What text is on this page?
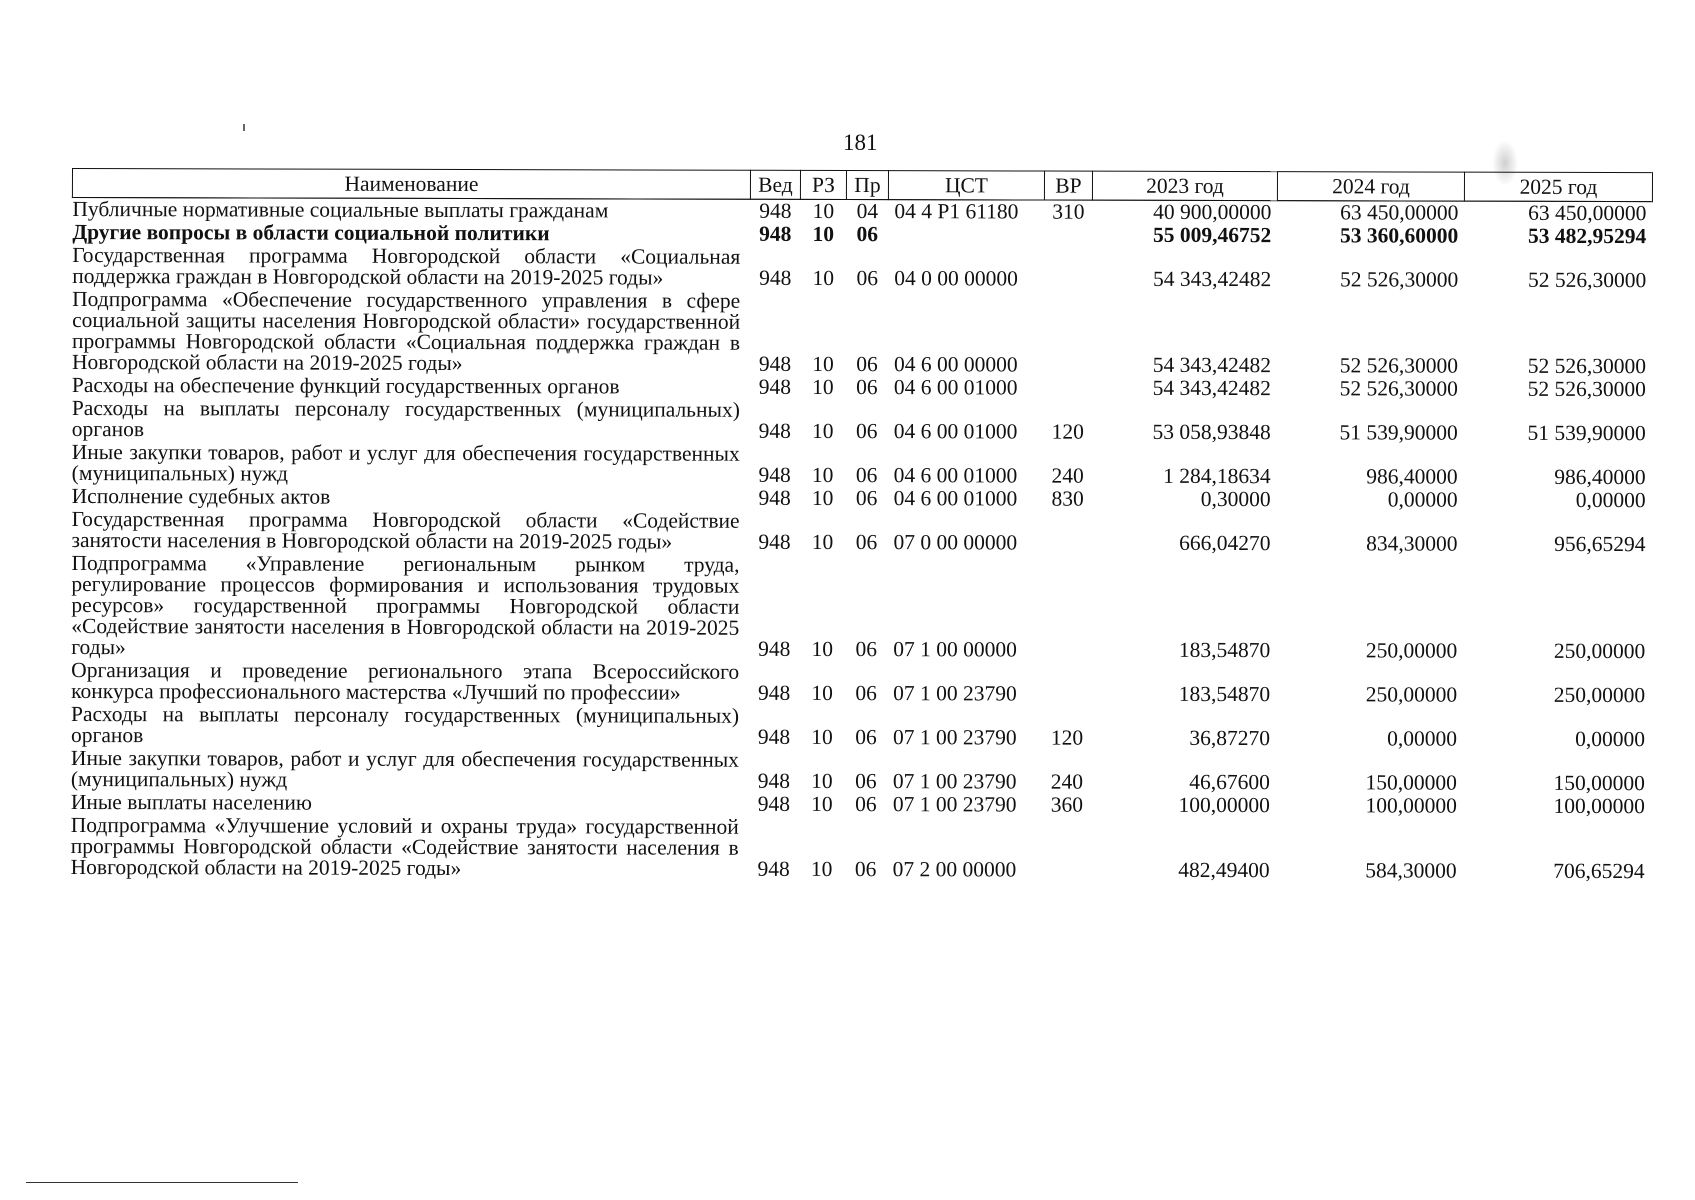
181
Наименование	Вед	РЗ	Пр	ЦСТ	ВР	2023 год	2024 год	2025 год
Публичные нормативные социальные выплаты гражданам	948	10	04	04 4 P1 61180	310	40 900,00000	63 450,00000	63 450,00000
Другие вопросы в области социальной политики	948	10	06			55 009,46752	53 360,60000	53 482,95294
Государственная программа Новгородской области «Социальная поддержка граждан в Новгородской области на 2019-2025 годы»	948	10	06	04 0 00 00000		54 343,42482	52 526,30000	52 526,30000
Подпрограмма «Обеспечение государственного управления в сфере социальной защиты населения Новгородской области» государственной программы Новгородской области «Социальная поддержка граждан в Новгородской области на 2019-2025 годы»	948	10	06	04 6 00 00000		54 343,42482	52 526,30000	52 526,30000
Расходы на обеспечение функций государственных органов	948	10	06	04 6 00 01000		54 343,42482	52 526,30000	52 526,30000
Расходы на выплаты персоналу государственных (муниципальных) органов	948	10	06	04 6 00 01000	120	53 058,93848	51 539,90000	51 539,90000
Иные закупки товаров, работ и услуг для обеспечения государственных (муниципальных) нужд	948	10	06	04 6 00 01000	240	1 284,18634	986,40000	986,40000
Исполнение судебных актов	948	10	06	04 6 00 01000	830	0,30000	0,00000	0,00000
Государственная программа Новгородской области «Содействие занятости населения в Новгородской области на 2019-2025 годы»	948	10	06	07 0 00 00000		666,04270	834,30000	956,65294
Подпрограмма «Управление региональным рынком труда, регулирование процессов формирования и использования трудовых ресурсов» государственной программы Новгородской области «Содействие занятости населения в Новгородской области на 2019-2025 годы»	948	10	06	07 1 00 00000		183,54870	250,00000	250,00000
Организация и проведение регионального этапа Всероссийского конкурса профессионального мастерства «Лучший по профессии»	948	10	06	07 1 00 23790		183,54870	250,00000	250,00000
Расходы на выплаты персоналу государственных (муниципальных) органов	948	10	06	07 1 00 23790	120	36,87270	0,00000	0,00000
Иные закупки товаров, работ и услуг для обеспечения государственных (муниципальных) нужд	948	10	06	07 1 00 23790	240	46,67600	150,00000	150,00000
Иные выплаты населению	948	10	06	07 1 00 23790	360	100,00000	100,00000	100,00000
Подпрограмма «Улучшение условий и охраны труда» государственной программы Новгородской области «Содействие занятости населения в Новгородской области на 2019-2025 годы»	948	10	06	07 2 00 00000		482,49400	584,30000	706,65294
